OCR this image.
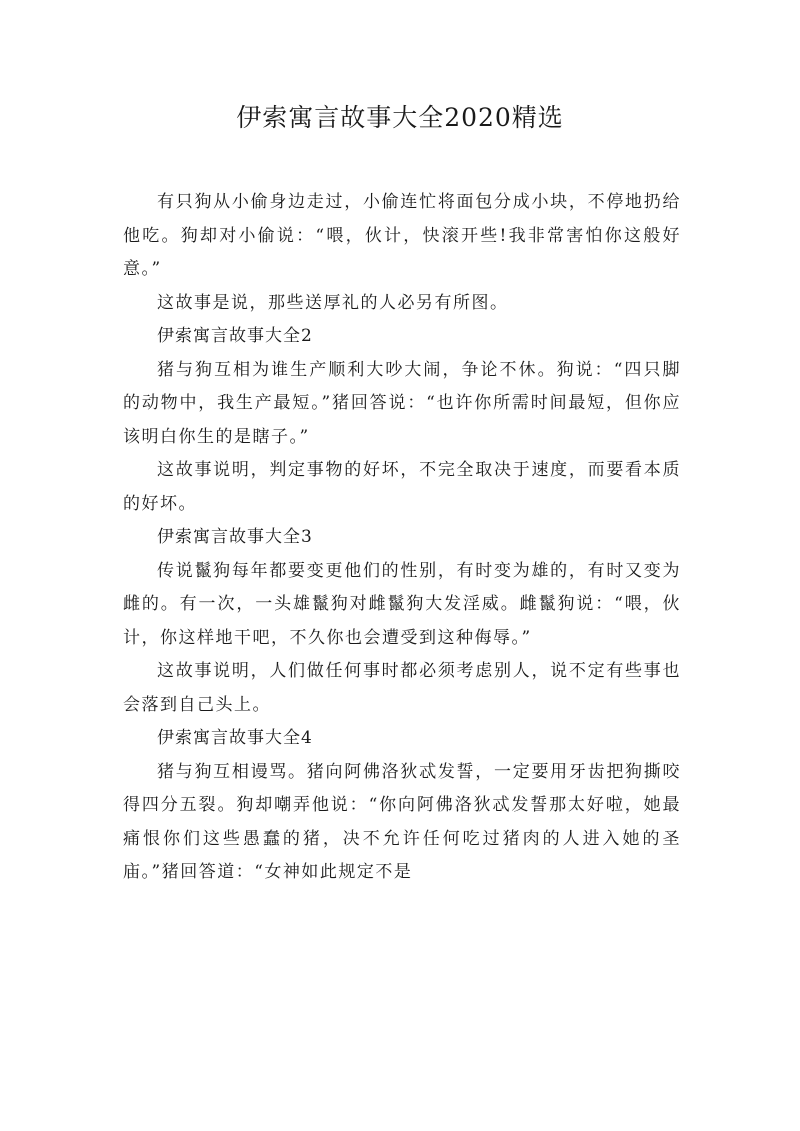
伊索寓言故事大全2020精选

有只狗从小偷身边走过，小偷连忙将面包分成小块，不停地扔给他吃。狗却对小偷说：“喂，伙计，快滚开些!我非常害怕你这般好意。”

这故事是说，那些送厚礼的人必另有所图。

伊索寓言故事大全2

猪与狗互相为谁生产顺利大吵大闹，争论不休。狗说：“四只脚的动物中，我生产最短。”猪回答说：“也许你所需时间最短，但你应该明白你生的是瞎子。”

这故事说明，判定事物的好坏，不完全取决于速度，而要看本质的好坏。

伊索寓言故事大全3

传说鬣狗每年都要变更他们的性别，有时变为雄的，有时又变为雌的。有一次，一头雄鬣狗对雌鬣狗大发淫威。雌鬣狗说：“喂，伙计，你这样地干吧，不久你也会遭受到这种侮辱。”

这故事说明，人们做任何事时都必须考虑别人，说不定有些事也会落到自己头上。

伊索寓言故事大全4

猪与狗互相谩骂。猪向阿佛洛狄忒发誓，一定要用牙齿把狗撕咬得四分五裂。狗却嘲弄他说：“你向阿佛洛狄忒发誓那太好啦，她最痛恨你们这些愚蠢的猪，决不允许任何吃过猪肉的人进入她的圣庙。”猪回答道：“女神如此规定不是
